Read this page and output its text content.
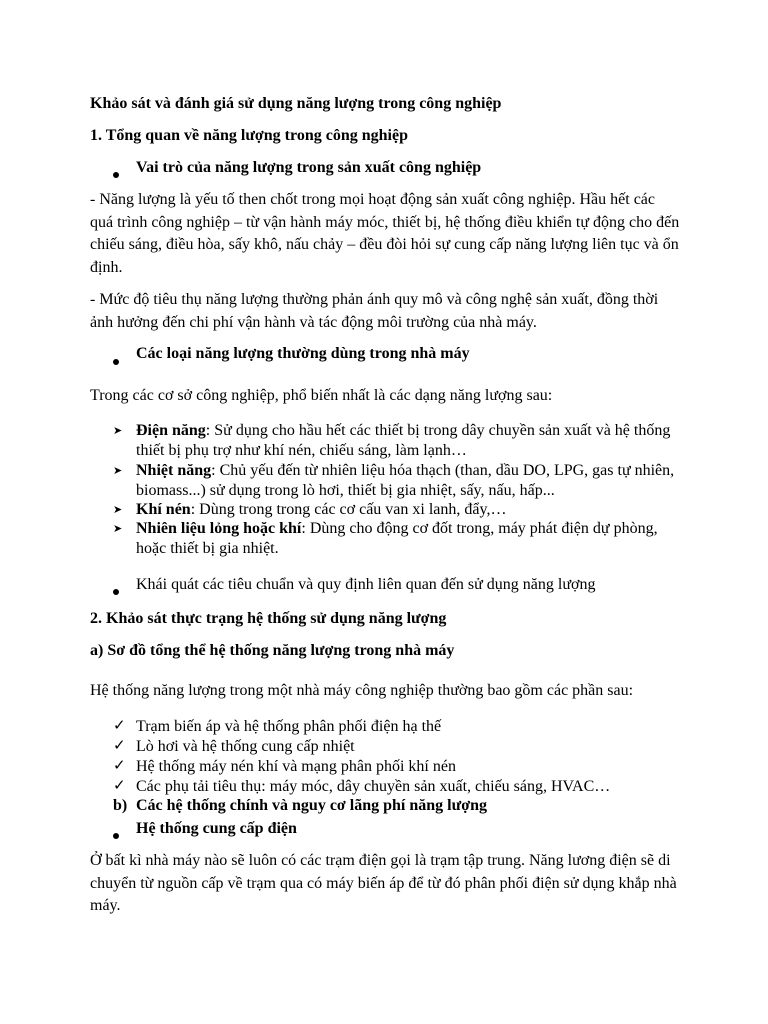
Khảo sát và đánh giá sử dụng năng lượng trong công nghiệp
1. Tổng quan về năng lượng trong công nghiệp
Vai trò của năng lượng trong sản xuất công nghiệp
- Năng lượng là yếu tố then chốt trong mọi hoạt động sản xuất công nghiệp. Hầu hết các quá trình công nghiệp – từ vận hành máy móc, thiết bị, hệ thống điều khiển tự động cho đến chiếu sáng, điều hòa, sấy khô, nấu chảy – đều đòi hỏi sự cung cấp năng lượng liên tục và ổn định.
- Mức độ tiêu thụ năng lượng thường phản ánh quy mô và công nghệ sản xuất, đồng thời ảnh hưởng đến chi phí vận hành và tác động môi trường của nhà máy.
Các loại năng lượng thường dùng trong nhà máy
Trong các cơ sở công nghiệp, phổ biến nhất là các dạng năng lượng sau:
➤ Điện năng: Sử dụng cho hầu hết các thiết bị trong dây chuyền sản xuất và hệ thống thiết bị phụ trợ như khí nén, chiếu sáng, làm lạnh…
➤ Nhiệt năng: Chủ yếu đến từ nhiên liệu hóa thạch (than, dầu DO, LPG, gas tự nhiên, biomass...) sử dụng trong lò hơi, thiết bị gia nhiệt, sấy, nấu, hấp...
➤ Khí nén: Dùng trong trong các cơ cấu van xi lanh, đẩy,…
➤ Nhiên liệu lỏng hoặc khí: Dùng cho động cơ đốt trong, máy phát điện dự phòng, hoặc thiết bị gia nhiệt.
Khái quát các tiêu chuẩn và quy định liên quan đến sử dụng năng lượng
2. Khảo sát thực trạng hệ thống sử dụng năng lượng
a) Sơ đồ tổng thể hệ thống năng lượng trong nhà máy
Hệ thống năng lượng trong một nhà máy công nghiệp thường bao gồm các phần sau:
✓ Trạm biến áp và hệ thống phân phối điện hạ thế
✓ Lò hơi và hệ thống cung cấp nhiệt
✓ Hệ thống máy nén khí và mạng phân phối khí nén
✓ Các phụ tải tiêu thụ: máy móc, dây chuyền sản xuất, chiếu sáng, HVAC…
b) Các hệ thống chính và nguy cơ lãng phí năng lượng
Hệ thống cung cấp điện
Ở bất kì nhà máy nào sẽ luôn có các trạm điện gọi là trạm tập trung. Năng lương điện sẽ di chuyển từ nguồn cấp về trạm qua có máy biến áp để từ đó phân phối điện sử dụng khắp nhà máy.
